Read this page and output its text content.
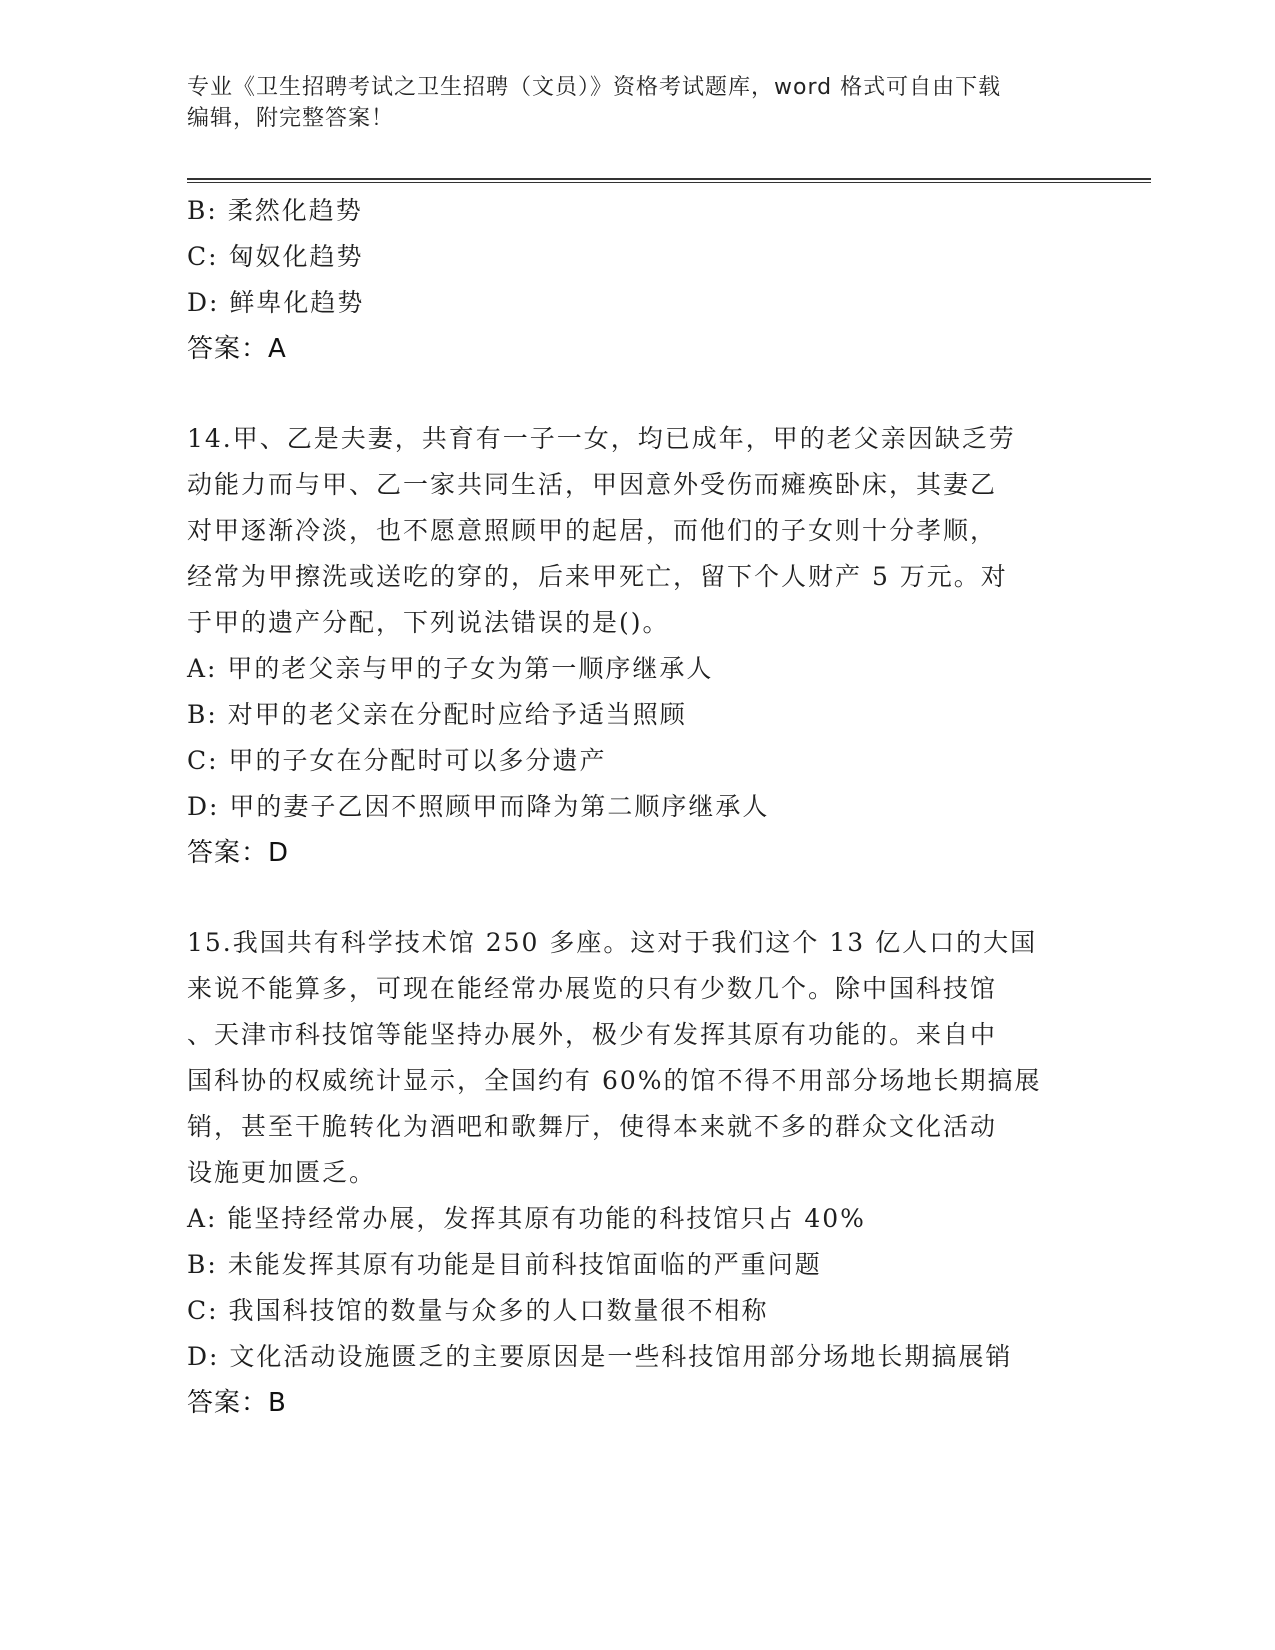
专业《卫生招聘考试之卫生招聘（文员）》资格考试题库，word 格式可自由下载
编辑，附完整答案！
B: 柔然化趋势
C: 匈奴化趋势
D: 鲜卑化趋势
答案：A
14.甲、乙是夫妻，共育有一子一女，均已成年，甲的老父亲因缺乏劳
动能力而与甲、乙一家共同生活，甲因意外受伤而瘫痪卧床，其妻乙
对甲逐渐冷淡，也不愿意照顾甲的起居，而他们的子女则十分孝顺，
经常为甲擦洗或送吃的穿的，后来甲死亡，留下个人财产 5 万元。对
于甲的遗产分配，下列说法错误的是()。
A: 甲的老父亲与甲的子女为第一顺序继承人
B: 对甲的老父亲在分配时应给予适当照顾
C: 甲的子女在分配时可以多分遗产
D: 甲的妻子乙因不照顾甲而降为第二顺序继承人
答案：D
15.我国共有科学技术馆 250 多座。这对于我们这个 13 亿人口的大国
来说不能算多，可现在能经常办展览的只有少数几个。除中国科技馆
、天津市科技馆等能坚持办展外，极少有发挥其原有功能的。来自中
国科协的权威统计显示，全国约有 60%的馆不得不用部分场地长期搞展
销，甚至干脆转化为酒吧和歌舞厅，使得本来就不多的群众文化活动
设施更加匮乏。
A: 能坚持经常办展，发挥其原有功能的科技馆只占 40%
B: 未能发挥其原有功能是目前科技馆面临的严重问题
C: 我国科技馆的数量与众多的人口数量很不相称
D: 文化活动设施匮乏的主要原因是一些科技馆用部分场地长期搞展销
答案：B
